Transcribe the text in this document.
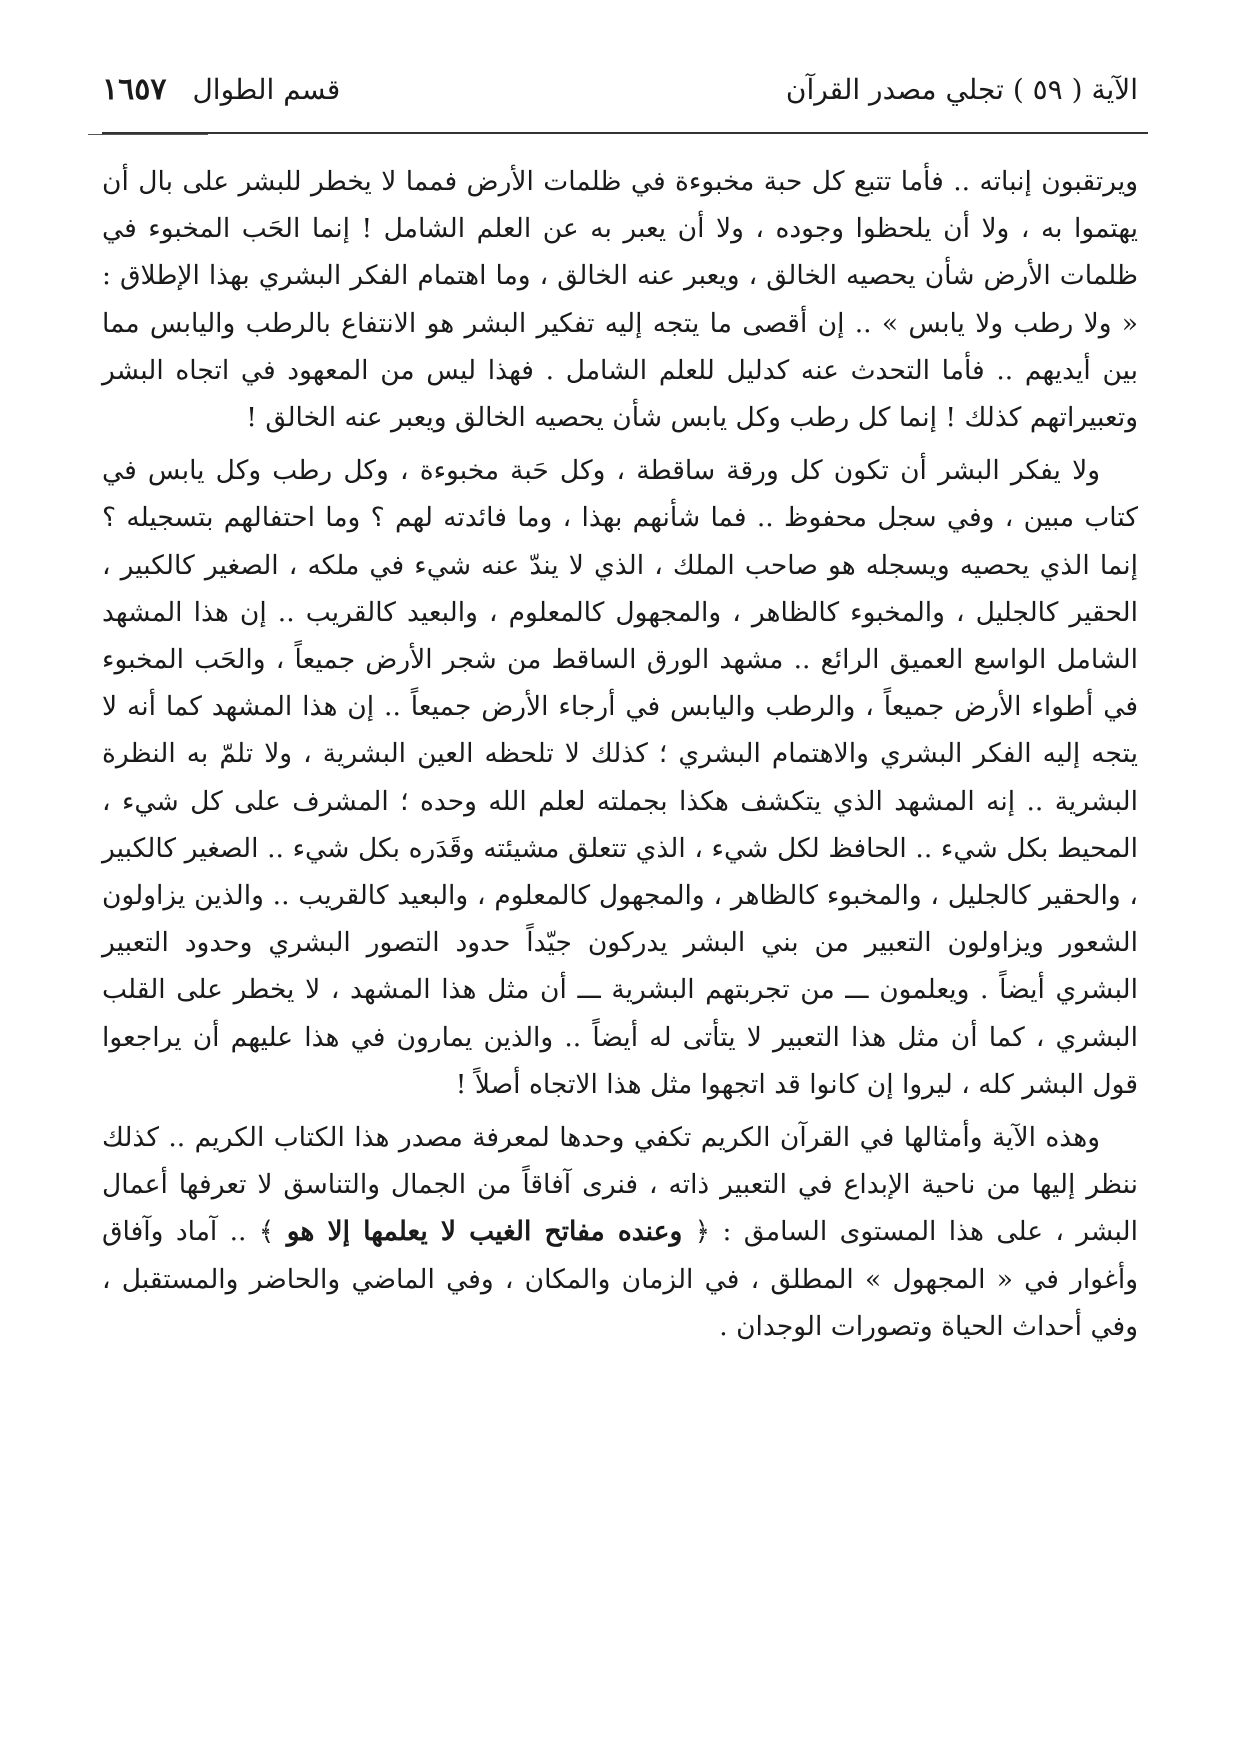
الآية ( ٥٩ ) تجلي مصدر القرآن
قسم الطوال
١٦٥٧

ويرتقبون إنباته .. فأما تتبع كل حبة مخبوءة في ظلمات الأرض فمما لا يخطر للبشر على بال أن يهتموا به ، ولا أن يلحظوا وجوده ، ولا أن يعبر به عن العلم الشامل ! إنما الحَب المخبوء في ظلمات الأرض شأن يحصيه الخالق ، ويعبر عنه الخالق ، وما اهتمام الفكر البشري بهذا الإطلاق : « ولا رطب ولا يابس » .. إن أقصى ما يتجه إليه تفكير البشر هو الانتفاع بالرطب واليابس مما بين أيديهم .. فأما التحدث عنه كدليل للعلم الشامل . فهذا ليس من المعهود في اتجاه البشر وتعبيراتهم كذلك ! إنما كل رطب وكل يابس شأن يحصيه الخالق ويعبر عنه الخالق !

ولا يفكر البشر أن تكون كل ورقة ساقطة ، وكل حَبة مخبوءة ، وكل رطب وكل يابس في كتاب مبين ، وفي سجل محفوظ .. فما شأنهم بهذا ، وما فائدته لهم ؟ وما احتفالهم بتسجيله ؟ إنما الذي يحصيه ويسجله هو صاحب الملك ، الذي لا يندّ عنه شيء في ملكه ، الصغير كالكبير ، الحقير كالجليل ، والمخبوء كالظاهر ، والمجهول كالمعلوم ، والبعيد كالقريب .. إن هذا المشهد الشامل الواسع العميق الرائع .. مشهد الورق الساقط من شجر الأرض جميعاً ، والحَب المخبوء في أطواء الأرض جميعاً ، والرطب واليابس في أرجاء الأرض جميعاً .. إن هذا المشهد كما أنه لا يتجه إليه الفكر البشري والاهتمام البشري ؛ كذلك لا تلحظه العين البشرية ، ولا تلمّ به النظرة البشرية .. إنه المشهد الذي يتكشف هكذا بجملته لعلم الله وحده ؛ المشرف على كل شيء ، المحيط بكل شيء .. الحافظ لكل شيء ، الذي تتعلق مشيئته وقَدَره بكل شيء .. الصغير كالكبير ، والحقير كالجليل ، والمخبوء كالظاهر ، والمجهول كالمعلوم ، والبعيد كالقريب .. والذين يزاولون الشعور ويزاولون التعبير من بني البشر يدركون جيّداً حدود التصور البشري وحدود التعبير البشري أيضاً . ويعلمون ـــ من تجربتهم البشرية ـــ أن مثل هذا المشهد ، لا يخطر على القلب البشري ، كما أن مثل هذا التعبير لا يتأتى له أيضاً .. والذين يمارون في هذا عليهم أن يراجعوا قول البشر كله ، ليروا إن كانوا قد اتجهوا مثل هذا الاتجاه أصلاً !

وهذه الآية وأمثالها في القرآن الكريم تكفي وحدها لمعرفة مصدر هذا الكتاب الكريم .. كذلك ننظر إليها من ناحية الإبداع في التعبير ذاته ، فنرى آفاقاً من الجمال والتناسق لا تعرفها أعمال البشر ، على هذا المستوى السامق : ﴿ وعنده مفاتح الغيب لا يعلمها إلا هو ﴾ .. آماد وآفاق وأغوار في « المجهول » المطلق ، في الزمان والمكان ، وفي الماضي والحاضر والمستقبل ، وفي أحداث الحياة وتصورات الوجدان .
